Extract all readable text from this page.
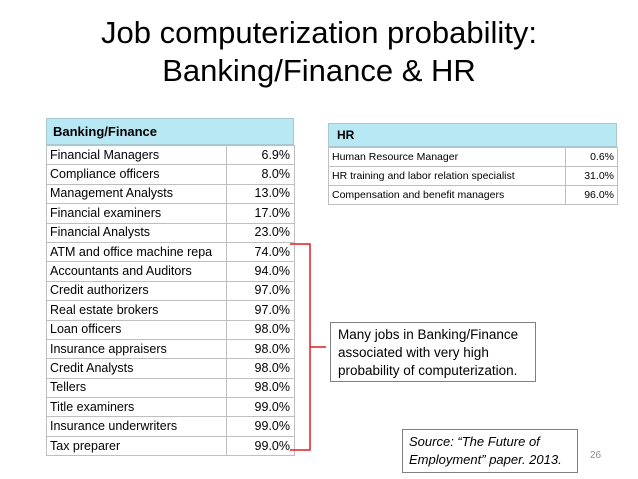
Job computerization probability:
Banking/Finance & HR
Banking/Finance
Financial Managers	6.9%
Compliance officers	8.0%
Management Analysts	13.0%
Financial examiners	17.0%
Financial Analysts	23.0%
ATM and office machine repa	74.0%
Accountants and Auditors	94.0%
Credit authorizers	97.0%
Real estate brokers	97.0%
Loan officers	98.0%
Insurance appraisers	98.0%
Credit Analysts	98.0%
Tellers	98.0%
Title examiners	99.0%
Insurance underwriters	99.0%
Tax preparer	99.0%
HR
Human Resource Manager	0.6%
HR training and labor relation specialist	31.0%
Compensation and benefit managers	96.0%
Many jobs in Banking/Finance
associated with very high
probability of computerization.
Source: “The Future of
Employment” paper. 2013.	26
